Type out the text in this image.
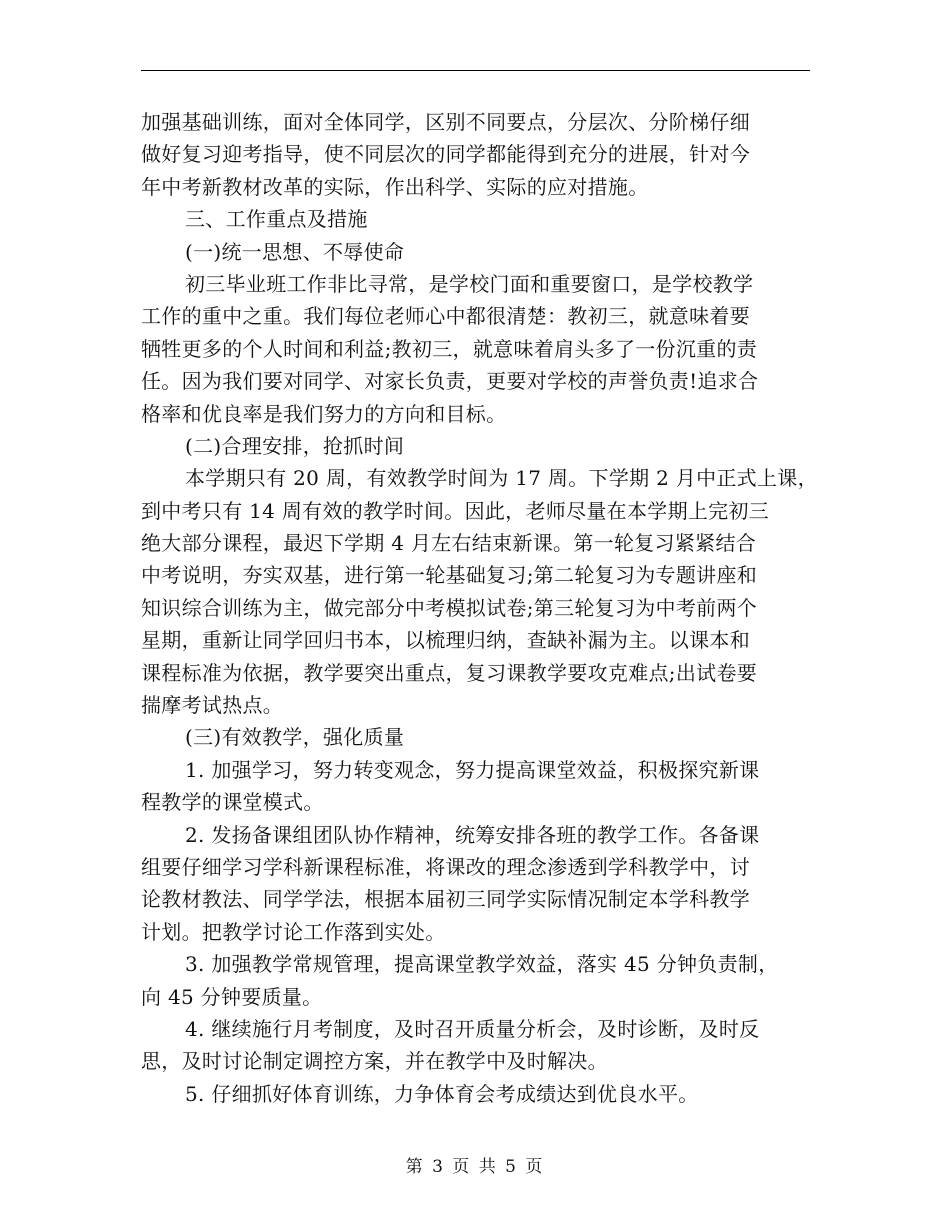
加强基础训练，面对全体同学，区别不同要点，分层次、分阶梯仔细
做好复习迎考指导，使不同层次的同学都能得到充分的进展，针对今
年中考新教材改革的实际，作出科学、实际的应对措施。
三、工作重点及措施
(一)统一思想、不辱使命
初三毕业班工作非比寻常，是学校门面和重要窗口，是学校教学
工作的重中之重。我们每位老师心中都很清楚：教初三，就意味着要
牺牲更多的个人时间和利益;教初三，就意味着肩头多了一份沉重的责
任。因为我们要对同学、对家长负责，更要对学校的声誉负责!追求合
格率和优良率是我们努力的方向和目标。
(二)合理安排，抢抓时间
本学期只有 20 周，有效教学时间为 17 周。下学期 2 月中正式上课，
到中考只有 14 周有效的教学时间。因此，老师尽量在本学期上完初三
绝大部分课程，最迟下学期 4 月左右结束新课。第一轮复习紧紧结合
中考说明，夯实双基，进行第一轮基础复习;第二轮复习为专题讲座和
知识综合训练为主，做完部分中考模拟试卷;第三轮复习为中考前两个
星期，重新让同学回归书本，以梳理归纳，查缺补漏为主。以课本和
课程标准为依据，教学要突出重点，复习课教学要攻克难点;出试卷要
揣摩考试热点。
(三)有效教学，强化质量
1. 加强学习，努力转变观念，努力提高课堂效益，积极探究新课
程教学的课堂模式。
2. 发扬备课组团队协作精神，统筹安排各班的教学工作。各备课
组要仔细学习学科新课程标准，将课改的理念渗透到学科教学中，讨
论教材教法、同学学法，根据本届初三同学实际情况制定本学科教学
计划。把教学讨论工作落到实处。
3. 加强教学常规管理，提高课堂教学效益，落实 45 分钟负责制，
向 45 分钟要质量。
4. 继续施行月考制度，及时召开质量分析会，及时诊断，及时反
思，及时讨论制定调控方案，并在教学中及时解决。
5. 仔细抓好体育训练，力争体育会考成绩达到优良水平。
第 3 页 共 5 页
